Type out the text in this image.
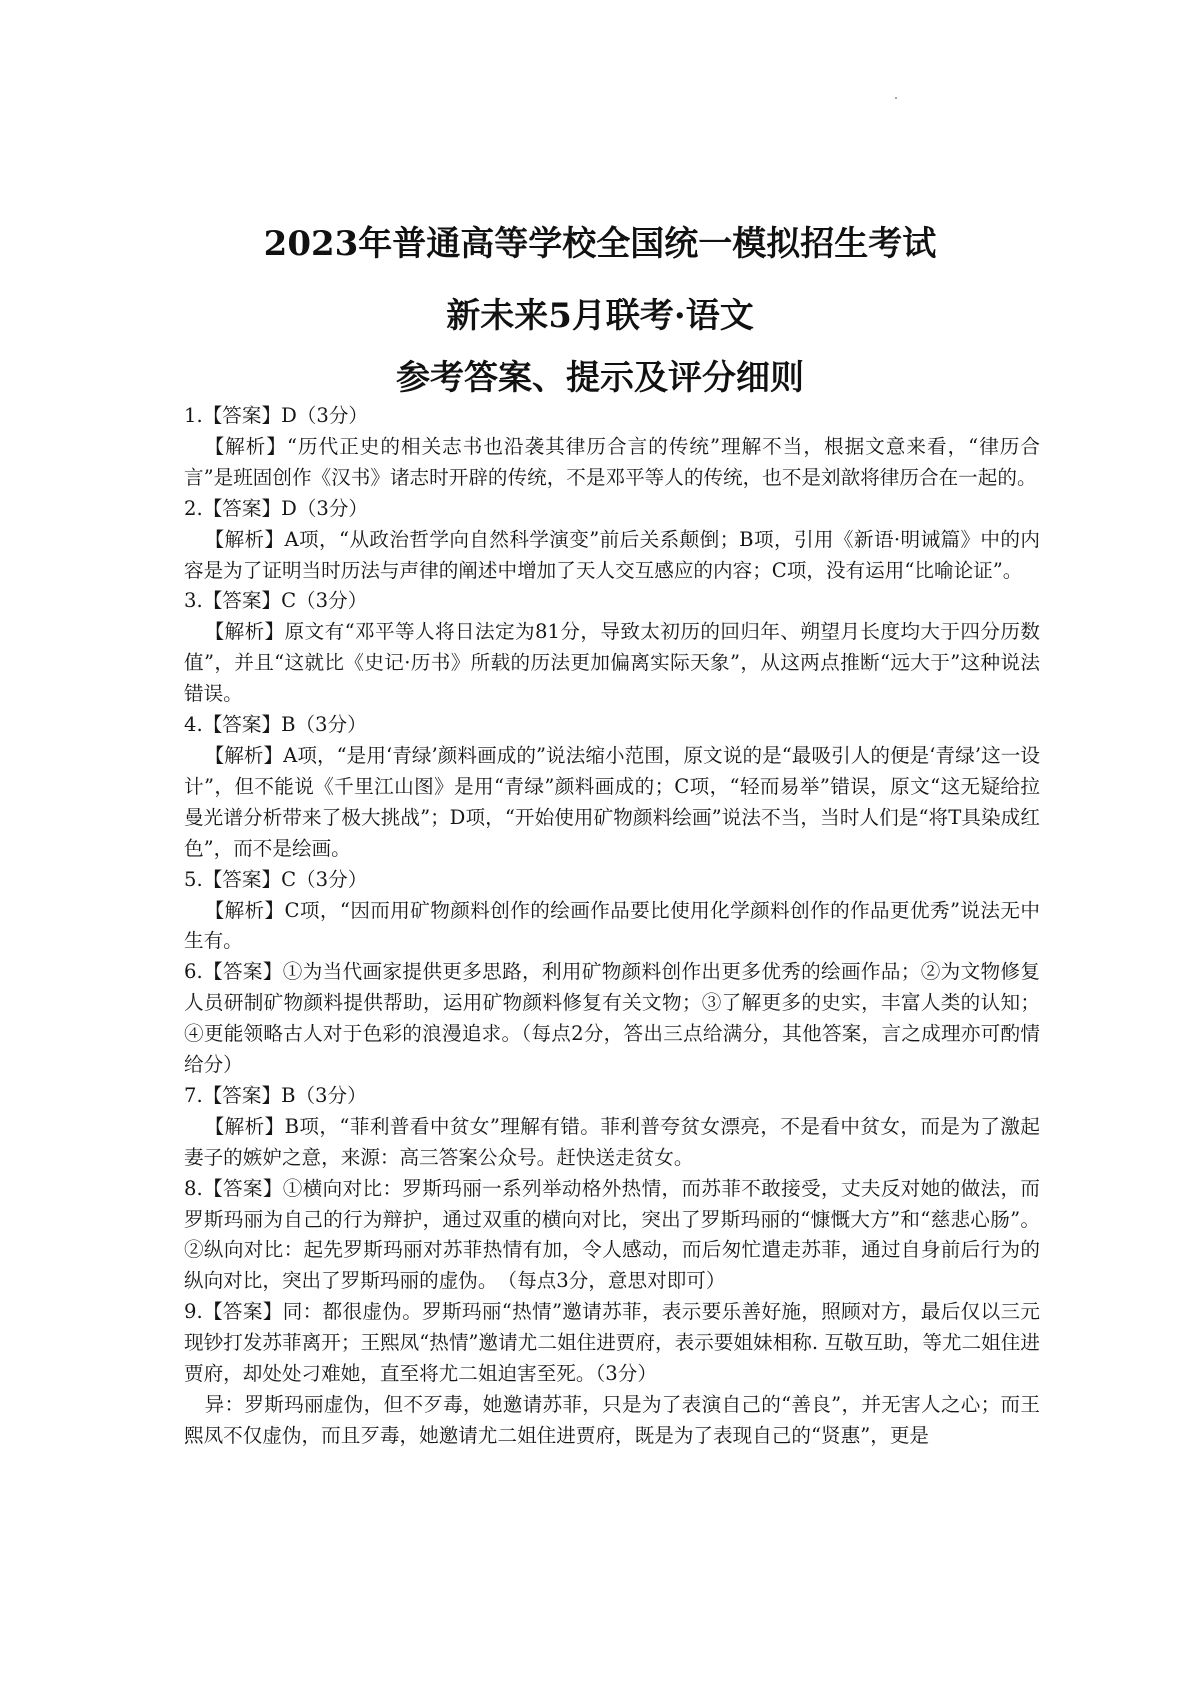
2023年普通高等学校全国统一模拟招生考试
新未来5月联考·语文
参考答案、提示及评分细则

1.【答案】D（3分）

【解析】“历代正史的相关志书也沿袭其律历合言的传统”理解不当，根据文意来看，“律历合言”是班固创作《汉书》诸志时开辟的传统，不是邓平等人的传统，也不是刘歆将律历合在一起的。

2.【答案】D（3分）

【解析】A项，“从政治哲学向自然科学演变”前后关系颠倒；B项，引用《新语·明诫篇》中的内容是为了证明当时历法与声律的阐述中增加了天人交互感应的内容；C项，没有运用“比喻论证”。

3.【答案】C（3分）

【解析】原文有“邓平等人将日法定为81分，导致太初历的回归年、朔望月长度均大于四分历数值”，并且“这就比《史记·历书》所载的历法更加偏离实际天象”，从这两点推断“远大于”这种说法错误。

4.【答案】B（3分）

【解析】A项，“是用‘青绿’颜料画成的”说法缩小范围，原文说的是“最吸引人的便是‘青绿’这一设计”，但不能说《千里江山图》是用“青绿”颜料画成的；C项，“轻而易举”错误，原文“这无疑给拉曼光谱分析带来了极大挑战”；D项，“开始使用矿物颜料绘画”说法不当，当时人们是“将T具染成红色”，而不是绘画。

5.【答案】C（3分）

【解析】C项，“因而用矿物颜料创作的绘画作品要比使用化学颜料创作的作品更优秀”说法无中生有。

6.【答案】①为当代画家提供更多思路，利用矿物颜料创作出更多优秀的绘画作品；②为文物修复人员研制矿物颜料提供帮助，运用矿物颜料修复有关文物；③了解更多的史实，丰富人类的认知；④更能领略古人对于色彩的浪漫追求。（每点2分，答出三点给满分，其他答案，言之成理亦可酌情给分）

7.【答案】B（3分）

【解析】B项，“菲利普看中贫女”理解有错。菲利普夸贫女漂亮，不是看中贫女，而是为了激起妻子的嫉妒之意，来源：高三答案公众号。赶快送走贫女。

8.【答案】①横向对比：罗斯玛丽一系列举动格外热情，而苏菲不敢接受，丈夫反对她的做法，而罗斯玛丽为自己的行为辩护，通过双重的横向对比，突出了罗斯玛丽的“慷慨大方”和“慈悲心肠”。②纵向对比：起先罗斯玛丽对苏菲热情有加，令人感动，而后匆忙遣走苏菲，通过自身前后行为的纵向对比，突出了罗斯玛丽的虚伪。　（每点3分，意思对即可）

9.【答案】同：都很虚伪。罗斯玛丽“热情”邀请苏菲，表示要乐善好施，照顾对方，最后仅以三元现钞打发苏菲离开；王熙凤“热情”邀请尤二姐住进贾府，表示要姐妹相称. 互敬互助，等尤二姐住进贾府，却处处刁难她，直至将尤二姐迫害至死。（3分）

异：罗斯玛丽虚伪，但不歹毒，她邀请苏菲，只是为了表演自己的“善良”，并无害人之心；而王熙凤不仅虚伪，而且歹毒，她邀请尤二姐住进贾府，既是为了表现自己的“贤惠”，更是
